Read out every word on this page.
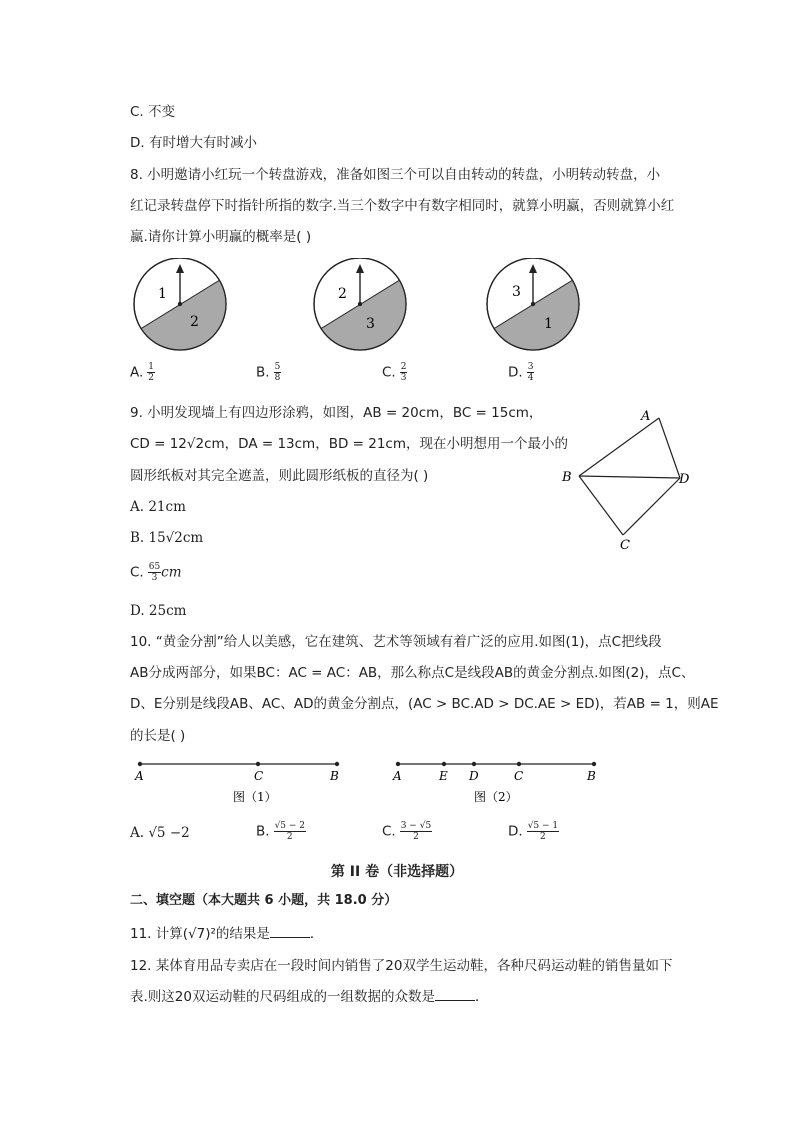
C. 不变
D. 有时增大有时减小
8. 小明邀请小红玩一个转盘游戏，准备如图三个可以自由转动的转盘，小明转动转盘，小
红记录转盘停下时指针所指的数字.当三个数字中有数字相同时，就算小明赢，否则就算小红
赢.请你计算小明赢的概率是( )
1
2
2
3
3
1
A. $\frac{1}{2}$	B. $\frac{5}{8}$	C. $\frac{2}{3}$	D. $\frac{3}{4}$
9. 小明发现墙上有四边形涂鸦，如图，AB = 20cm，BC = 15cm，
CD = 12√2cm，DA = 13cm，BD = 21cm，现在小明想用一个最小的
圆形纸板对其完全遮盖，则此圆形纸板的直径为( )
A
B
C
D
A. 21cm
B. 15√2cm
C. $\frac{65}{3}$ cm
D. 25cm
10. “黄金分割”给人以美感，它在建筑、艺术等领域有着广泛的应用.如图(1)，点C把线段
AB分成两部分，如果BC：AC = AC：AB，那么称点C是线段AB的黄金分割点.如图(2)，点C、
D、E分别是线段AB、AC、AD的黄金分割点，(AC > BC.AD > DC.AE > ED)，若AB = 1，则AE
的长是( )
A	C	B
图（1）
A	E D	C	B
图（2）
A. √5 −2	B. $\frac{√5 - 2}{2}$	C. $\frac{3 - √5}{2}$	D. $\frac{√5 - 1}{2}$
第 II 卷（非选择题）
二、填空题（本大题共 6 小题，共 18.0 分）
11. 计算(√7)²的结果是	．
12. 某体育用品专卖店在一段时间内销售了20双学生运动鞋，各种尺码运动鞋的销售量如下
表.则这20双运动鞋的尺码组成的一组数据的众数是	．
